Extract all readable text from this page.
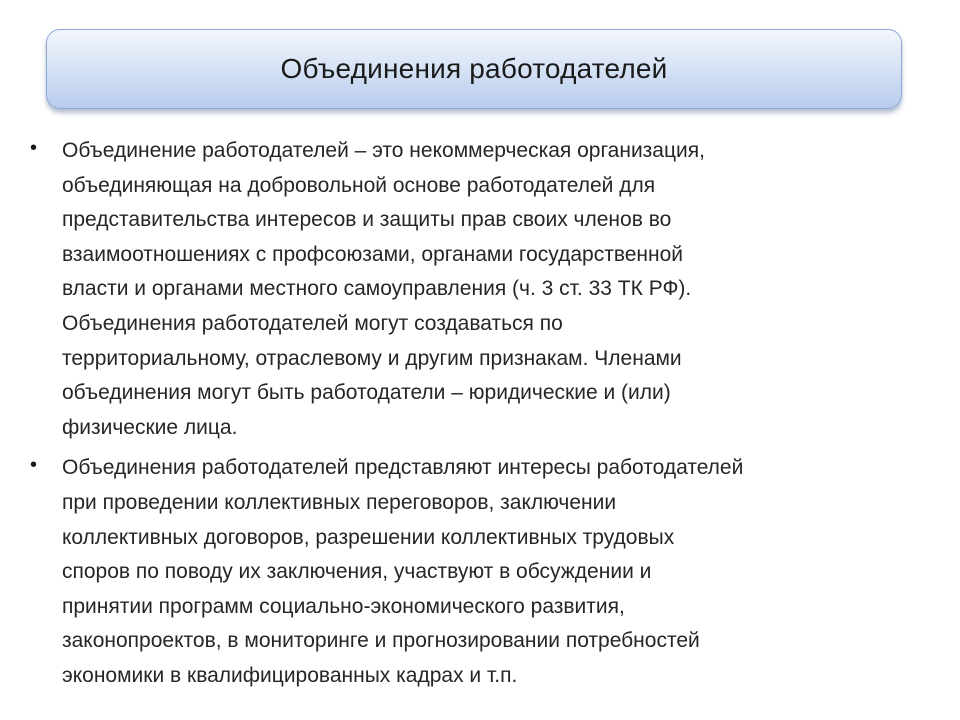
Объединения работодателей
• Объединение работодателей – это некоммерческая организация,
объединяющая на добровольной основе работодателей для
представительства интересов и защиты прав своих членов во
взаимоотношениях с профсоюзами, органами государственной
власти и органами местного самоуправления (ч. 3 ст. 33 ТК РФ).
Объединения работодателей могут создаваться по
территориальному, отраслевому и другим признакам. Членами
объединения могут быть работодатели – юридические и (или)
физические лица.
• Объединения работодателей представляют интересы работодателей
при проведении коллективных переговоров, заключении
коллективных договоров, разрешении коллективных трудовых
споров по поводу их заключения, участвуют в обсуждении и
принятии программ социально-экономического развития,
законопроектов, в мониторинге и прогнозировании потребностей
экономики в квалифицированных кадрах и т.п.
